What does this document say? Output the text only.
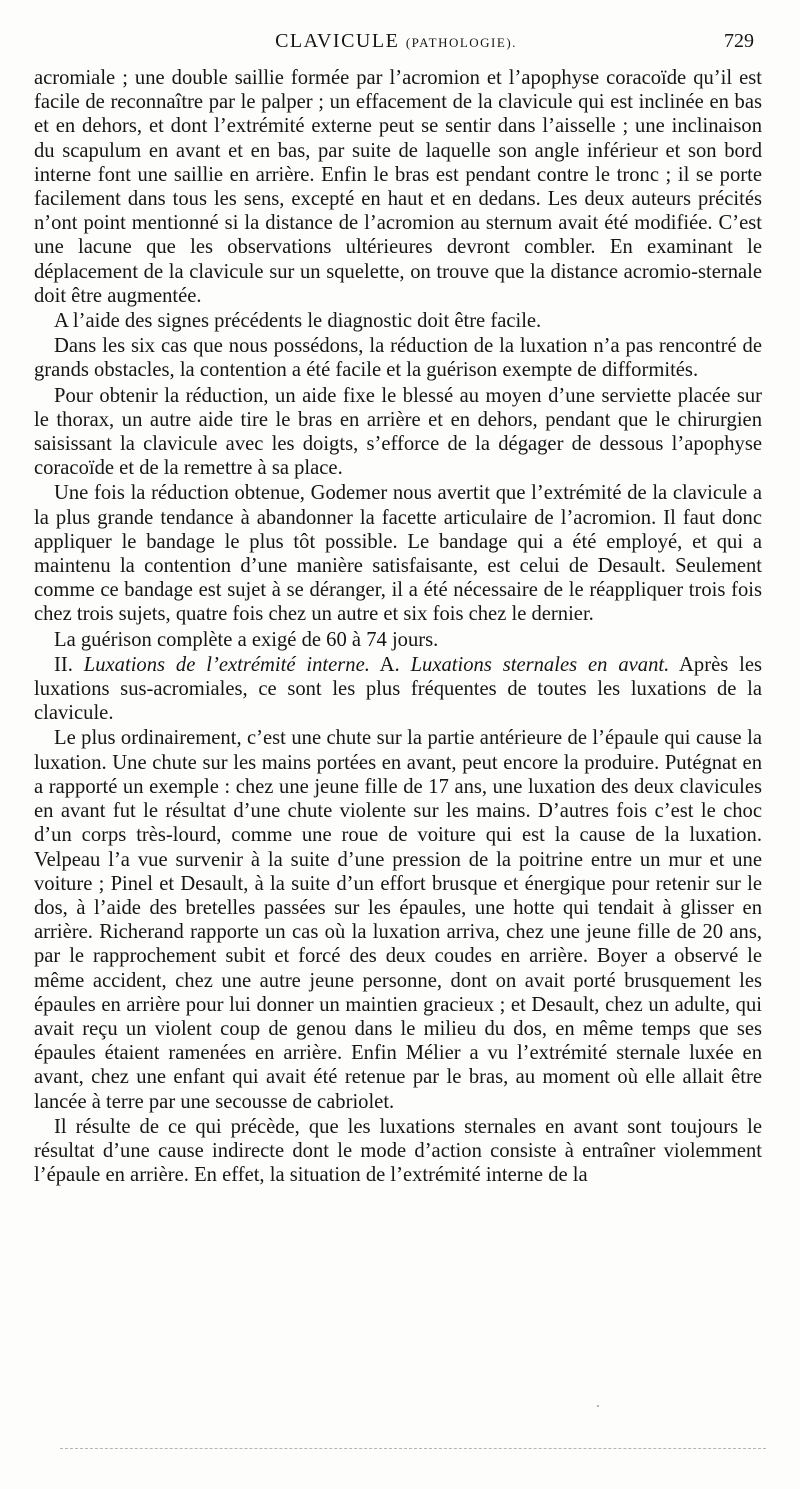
CLAVICULE (PATHOLOGIE).	729

acromiale ; une double saillie formée par l’acromion et l’apophyse coracoïde qu’il est facile de reconnaître par le palper ; un effacement de la clavicule qui est inclinée en bas et en dehors, et dont l’extrémité externe peut se sentir dans l’aisselle ; une inclinaison du scapulum en avant et en bas, par suite de laquelle son angle inférieur et son bord interne font une saillie en arrière. Enfin le bras est pendant contre le tronc ; il se porte facilement dans tous les sens, excepté en haut et en dedans. Les deux auteurs précités n’ont point mentionné si la distance de l’acromion au sternum avait été modifiée. C’est une lacune que les observations ultérieures devront combler. En examinant le déplacement de la clavicule sur un squelette, on trouve que la distance acromio-sternale doit être augmentée.

A l’aide des signes précédents le diagnostic doit être facile.

Dans les six cas que nous possédons, la réduction de la luxation n’a pas rencontré de grands obstacles, la contention a été facile et la guérison exempte de difformités.

Pour obtenir la réduction, un aide fixe le blessé au moyen d’une serviette placée sur le thorax, un autre aide tire le bras en arrière et en dehors, pendant que le chirurgien saisissant la clavicule avec les doigts, s’efforce de la dégager de dessous l’apophyse coracoïde et de la remettre à sa place.

Une fois la réduction obtenue, Godemer nous avertit que l’extrémité de la clavicule a la plus grande tendance à abandonner la facette articulaire de l’acromion. Il faut donc appliquer le bandage le plus tôt possible. Le bandage qui a été employé, et qui a maintenu la contention d’une manière satisfaisante, est celui de Desault. Seulement comme ce bandage est sujet à se déranger, il a été nécessaire de le réappliquer trois fois chez trois sujets, quatre fois chez un autre et six fois chez le dernier.

La guérison complète a exigé de 60 à 74 jours.

II. Luxations de l’extrémité interne. A. Luxations sternales en avant. Après les luxations sus-acromiales, ce sont les plus fréquentes de toutes les luxations de la clavicule.

Le plus ordinairement, c’est une chute sur la partie antérieure de l’épaule qui cause la luxation. Une chute sur les mains portées en avant, peut encore la produire. Putégnat en a rapporté un exemple : chez une jeune fille de 17 ans, une luxation des deux clavicules en avant fut le résultat d’une chute violente sur les mains. D’autres fois c’est le choc d’un corps très-lourd, comme une roue de voiture qui est la cause de la luxation. Velpeau l’a vue survenir à la suite d’une pression de la poitrine entre un mur et une voiture ; Pinel et Desault, à la suite d’un effort brusque et énergique pour retenir sur le dos, à l’aide des bretelles passées sur les épaules, une hotte qui tendait à glisser en arrière. Richerand rapporte un cas où la luxation arriva, chez une jeune fille de 20 ans, par le rapprochement subit et forcé des deux coudes en arrière. Boyer a observé le même accident, chez une autre jeune personne, dont on avait porté brusquement les épaules en arrière pour lui donner un maintien gracieux ; et Desault, chez un adulte, qui avait reçu un violent coup de genou dans le milieu du dos, en même temps que ses épaules étaient ramenées en arrière. Enfin Mélier a vu l’extrémité sternale luxée en avant, chez une enfant qui avait été retenue par le bras, au moment où elle allait être lancée à terre par une secousse de cabriolet.

Il résulte de ce qui précède, que les luxations sternales en avant sont toujours le résultat d’une cause indirecte dont le mode d’action consiste à entraîner violemment l’épaule en arrière. En effet, la situation de l’extrémité interne de la
